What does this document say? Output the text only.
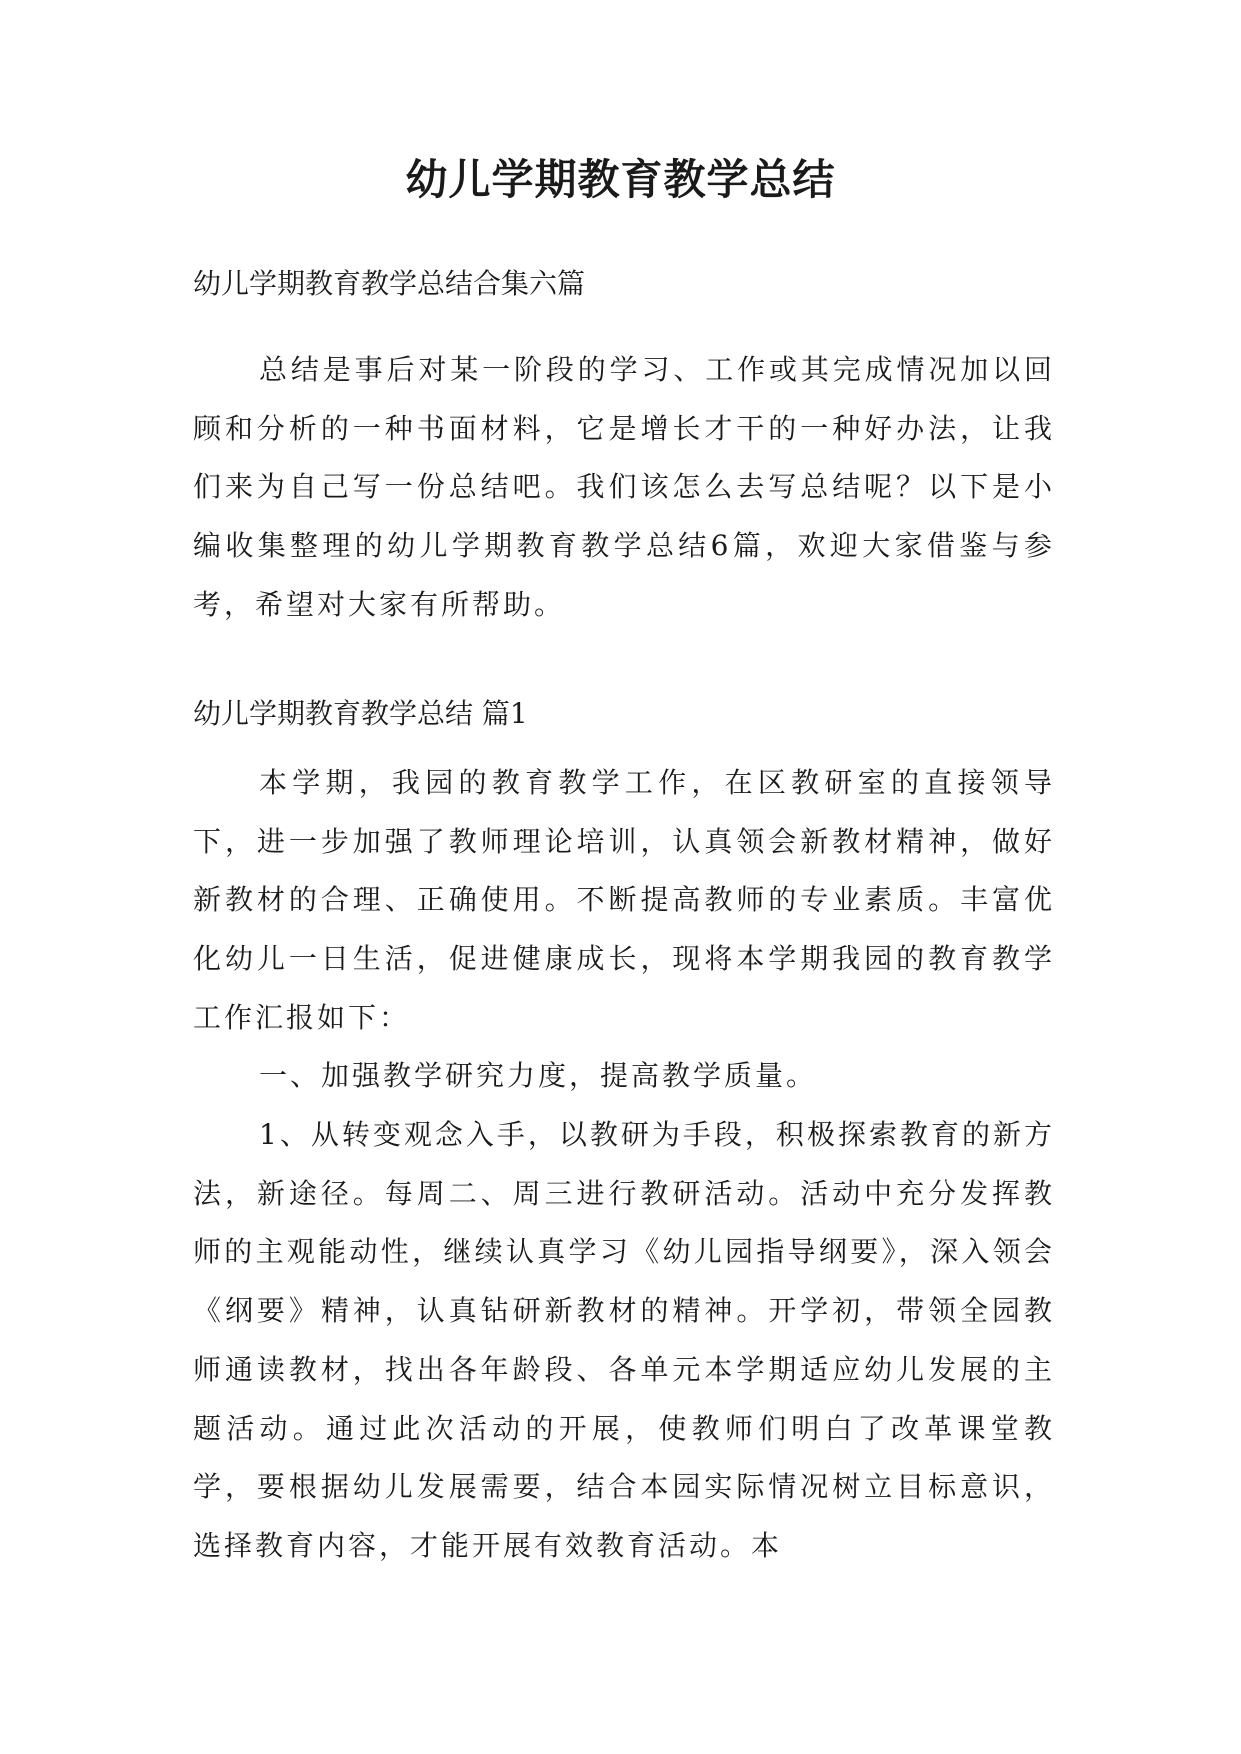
幼儿学期教育教学总结
幼儿学期教育教学总结合集六篇
总结是事后对某一阶段的学习、工作或其完成情况加以回顾和分析的一种书面材料，它是增长才干的一种好办法，让我们来为自己写一份总结吧。我们该怎么去写总结呢？以下是小编收集整理的幼儿学期教育教学总结6篇，欢迎大家借鉴与参考，希望对大家有所帮助。
幼儿学期教育教学总结 篇1
本学期，我园的教育教学工作，在区教研室的直接领导下，进一步加强了教师理论培训，认真领会新教材精神，做好新教材的合理、正确使用。不断提高教师的专业素质。丰富优化幼儿一日生活，促进健康成长，现将本学期我园的教育教学工作汇报如下：
一、加强教学研究力度，提高教学质量。
1、从转变观念入手，以教研为手段，积极探索教育的新方法，新途径。每周二、周三进行教研活动。活动中充分发挥教师的主观能动性，继续认真学习《幼儿园指导纲要》，深入领会《纲要》精神，认真钻研新教材的精神。开学初，带领全园教师通读教材，找出各年龄段、各单元本学期适应幼儿发展的主题活动。通过此次活动的开展，使教师们明白了改革课堂教学，要根据幼儿发展需要，结合本园实际情况树立目标意识，选择教育内容，才能开展有效教育活动。本
